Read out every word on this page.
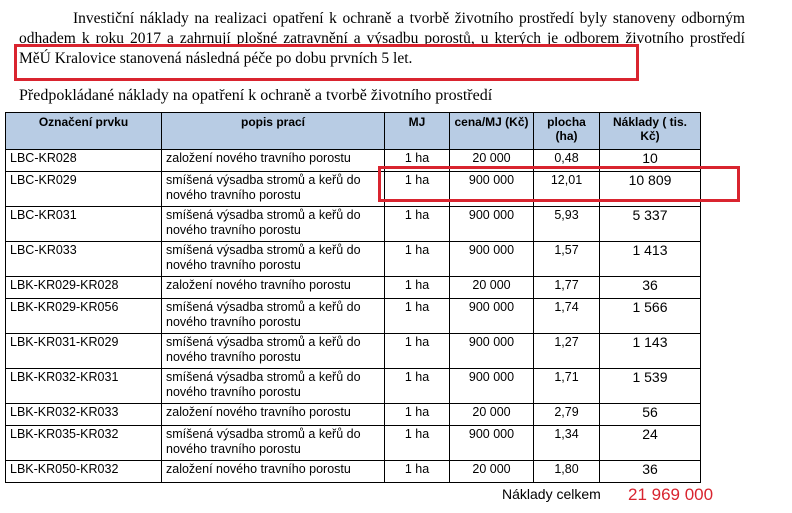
Investiční náklady na realizaci opatření k ochraně a tvorbě životního prostředí byly stanoveny odborným odhadem k roku 2017 a zahrnují plošné zatravnění a výsadbu porostů, u kterých je odborem životního prostředí MěÚ Kralovice stanovená následná péče po dobu prvních 5 let.

Předpokládané náklady na opatření k ochraně a tvorbě životního prostředí
Označení prvku	popis prací	MJ	cena/MJ (Kč)	plocha (ha)	Náklady ( tis. Kč)
LBC-KR028	založení nového travního porostu	1 ha	20 000	0,48	10
LBC-KR029	smíšená výsadba stromů a keřů do nového travního porostu	1 ha	900 000	12,01	10 809
LBC-KR031	smíšená výsadba stromů a keřů do nového travního porostu	1 ha	900 000	5,93	5 337
LBC-KR033	smíšená výsadba stromů a keřů do nového travního porostu	1 ha	900 000	1,57	1 413
LBK-KR029-KR028	založení nového travního porostu	1 ha	20 000	1,77	36
LBK-KR029-KR056	smíšená výsadba stromů a keřů do nového travního porostu	1 ha	900 000	1,74	1 566
LBK-KR031-KR029	smíšená výsadba stromů a keřů do nového travního porostu	1 ha	900 000	1,27	1 143
LBK-KR032-KR031	smíšená výsadba stromů a keřů do nového travního porostu	1 ha	900 000	1,71	1 539
LBK-KR032-KR033	založení nového travního porostu	1 ha	20 000	2,79	56
LBK-KR035-KR032	smíšená výsadba stromů a keřů do nového travního porostu	1 ha	900 000	1,34	24
LBK-KR050-KR032	založení nového travního porostu	1 ha	20 000	1,80	36
Náklady celkem 21 969 000
